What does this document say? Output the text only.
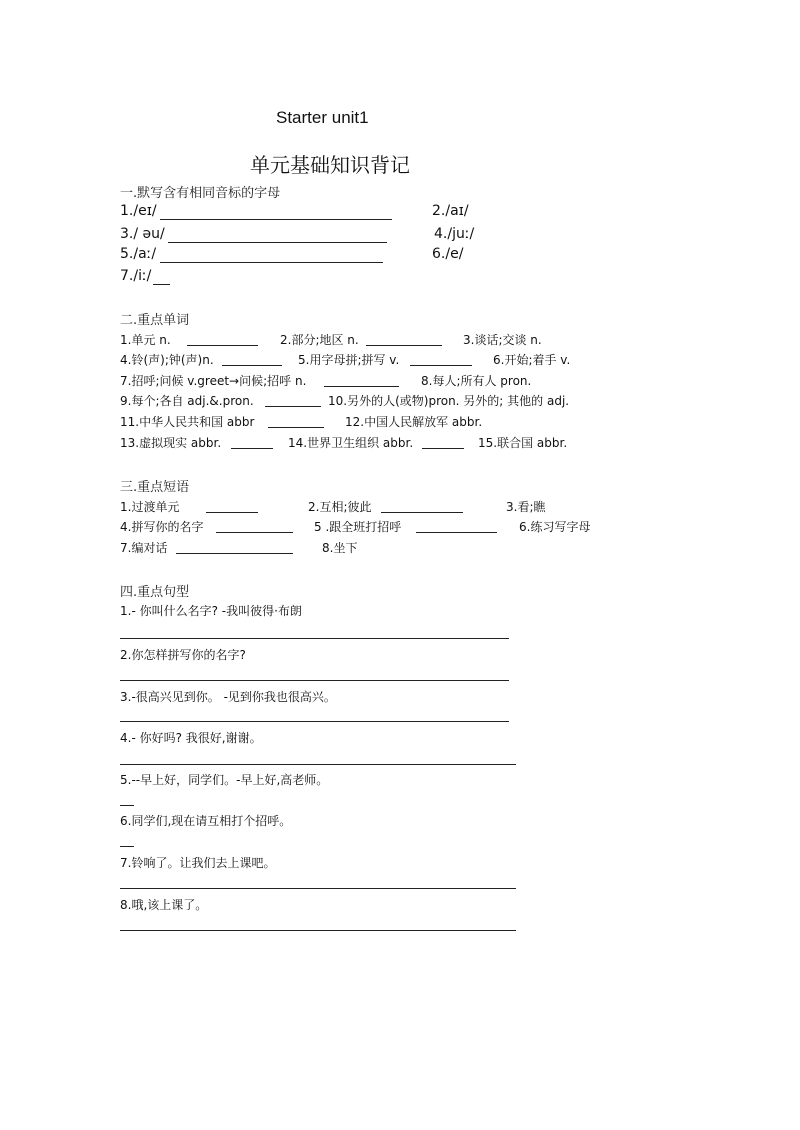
Starter unit1
单元基础知识背记
一.默写含有相同音标的字母
1./eɪ/	2./aɪ/
3./ əu/	4./juː/
5./aː/	6./e/
7./iː/
二.重点单词
1.单元 n.	2.部分;地区 n.	3.谈话;交谈 n.
4.铃(声);钟(声)n.	5.用字母拼;拼写 v.	6.开始;着手 v.
7.招呼;问候 v.greet→问候;招呼 n.	8.每人;所有人 pron.
9.每个;各自 adj.&.pron.	10.另外的人(或物)pron. 另外的; 其他的 adj.
11.中华人民共和国 abbr	12.中国人民解放军 abbr.
13.虚拟现实 abbr.	14.世界卫生组织 abbr.	15.联合国 abbr.
三.重点短语
1.过渡单元	2.互相;彼此	3.看;瞧
4.拼写你的名字	5 .跟全班打招呼	6.练习写字母
7.编对话	8.坐下
四.重点句型
1.- 你叫什么名字? -我叫彼得·布朗
2.你怎样拼写你的名字?
3.-很高兴见到你。 -见到你我也很高兴。
4.- 你好吗? 我很好,谢谢。
5.--早上好，同学们。-早上好,高老师。
6.同学们,现在请互相打个招呼。
7.铃响了。让我们去上课吧。
8.哦,该上课了。
